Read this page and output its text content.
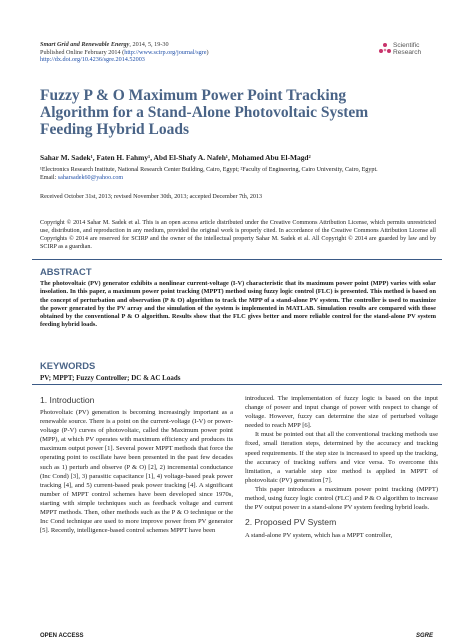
Smart Grid and Renewable Energy, 2014, 5, 19-30
Published Online February 2014 (http://www.scirp.org/journal/sgre)
http://dx.doi.org/10.4236/sgre.2014.52003
Scientific
Research
Fuzzy P & O Maximum Power Point Tracking Algorithm for a Stand-Alone Photovoltaic System Feeding Hybrid Loads
Sahar M. Sadek¹, Faten H. Fahmy¹, Abd El-Shafy A. Nafeh¹, Mohamed Abu El-Magd²
¹Electronics Research Institute, National Research Center Building, Cairo, Egypt; ²Faculty of Engineering, Cairo University, Cairo, Egypt.
Email: saharsadek60@yahoo.com
Received October 31st, 2013; revised November 30th, 2013; accepted December 7th, 2013
Copyright © 2014 Sahar M. Sadek et al. This is an open access article distributed under the Creative Commons Attribution License, which permits unrestricted use, distribution, and reproduction in any medium, provided the original work is properly cited. In accordance of the Creative Commons Attribution License all Copyrights © 2014 are reserved for SCIRP and the owner of the intellectual property Sahar M. Sadek et al. All Copyright © 2014 are guarded by law and by SCIRP as a guardian.
ABSTRACT
The photovoltaic (PV) generator exhibits a nonlinear current-voltage (I-V) characteristic that its maximum power point (MPP) varies with solar insolation. In this paper, a maximum power point tracking (MPPT) method using fuzzy logic control (FLC) is presented. This method is based on the concept of perturbation and observation (P & O) algorithm to track the MPP of a stand-alone PV system. The controller is used to maximize the power generated by the PV array and the simulation of the system is implemented in MATLAB. Simulation results are compared with those obtained by the conventional P & O algorithm. Results show that the FLC gives better and more reliable control for the stand-alone PV system feeding hybrid loads.
KEYWORDS
PV; MPPT; Fuzzy Controller; DC & AC Loads
1. Introduction

Photovoltaic (PV) generation is becoming increasingly important as a renewable source. There is a point on the current-voltage (I-V) or power-voltage (P-V) curves of photovoltaic, called the Maximum power point (MPP), at which PV operates with maximum efficiency and produces its maximum output power [1]. Several power MPPT methods that force the operating point to oscillate have been presented in the past few decades such as 1) perturb and observe (P & O) [2], 2) incremental conductance (Inc Cond) [3], 3) parasitic capacitance [1], 4) voltage-based peak power tracking [4], and 5) current-based peak power tracking [4]. A significant number of MPPT control schemes have been developed since 1970s, starting with simple techniques such as feedback voltage and current MPPT methods. Then, other methods such as the P & O technique or the Inc Cond technique are used to more improve power from PV generator [5]. Recently, intelligence-based control schemes MPPT have been

introduced. The implementation of fuzzy logic is based on the input change of power and input change of power with respect to change of voltage. However, fuzzy can determine the size of perturbed voltage needed to reach MPP [6].

It must be pointed out that all the conventional tracking methods use fixed, small iteration steps, determined by the accuracy and tracking speed requirements. If the step size is increased to speed up the tracking, the accuracy of tracking suffers and vice versa. To overcome this limitation, a variable step size method is applied in MPPT of photovoltaic (PV) generation [7].

This paper introduces a maximum power point tracking (MPPT) method, using fuzzy logic control (FLC) and P & O algorithm to increase the PV output power in a stand-alone PV system feeding hybrid loads.

2. Proposed PV System

A stand-alone PV system, which has a MPPT controller,

OPEN ACCESS	SGRE
